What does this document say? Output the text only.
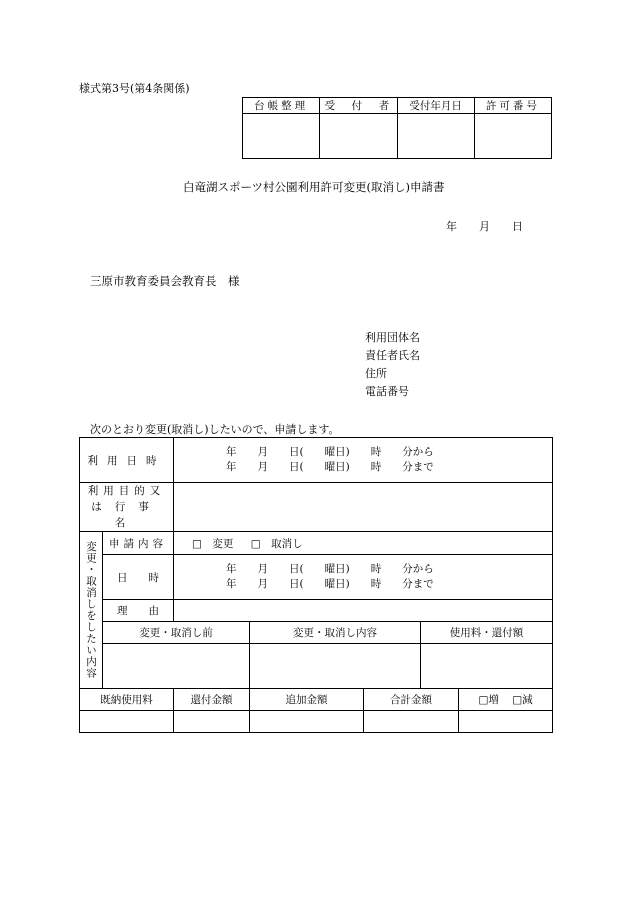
様式第3号(第4条関係)
台帳整理	受　付　者	受付年月日	許可番号

白竜湖スポーツ村公園利用許可変更(取消し)申請書
年　　月　　日
三原市教育委員会教育長　様
利用団体名
責任者氏名
住所
電話番号
次のとおり変更(取消し)したいので、申請します。
利用日時		年　　月　　日(　　曜日)　　時　　分から
年　　月　　日(　　曜日)　　時　　分まで				

利用目的又
は行事名						

変更・取消しをしたい内容	申請内容	□　変更 □　取消し				
	日　　時	年　　月　　日(　　曜日)　　時　　分から
年　　月　　日(　　曜日)　　時　　分まで				

	理　　由					
	変更・取消し前		変更・取消し内容		使用料・還付額	

既納使用料		還付金額	追加金額	合計金額		□増 □減
